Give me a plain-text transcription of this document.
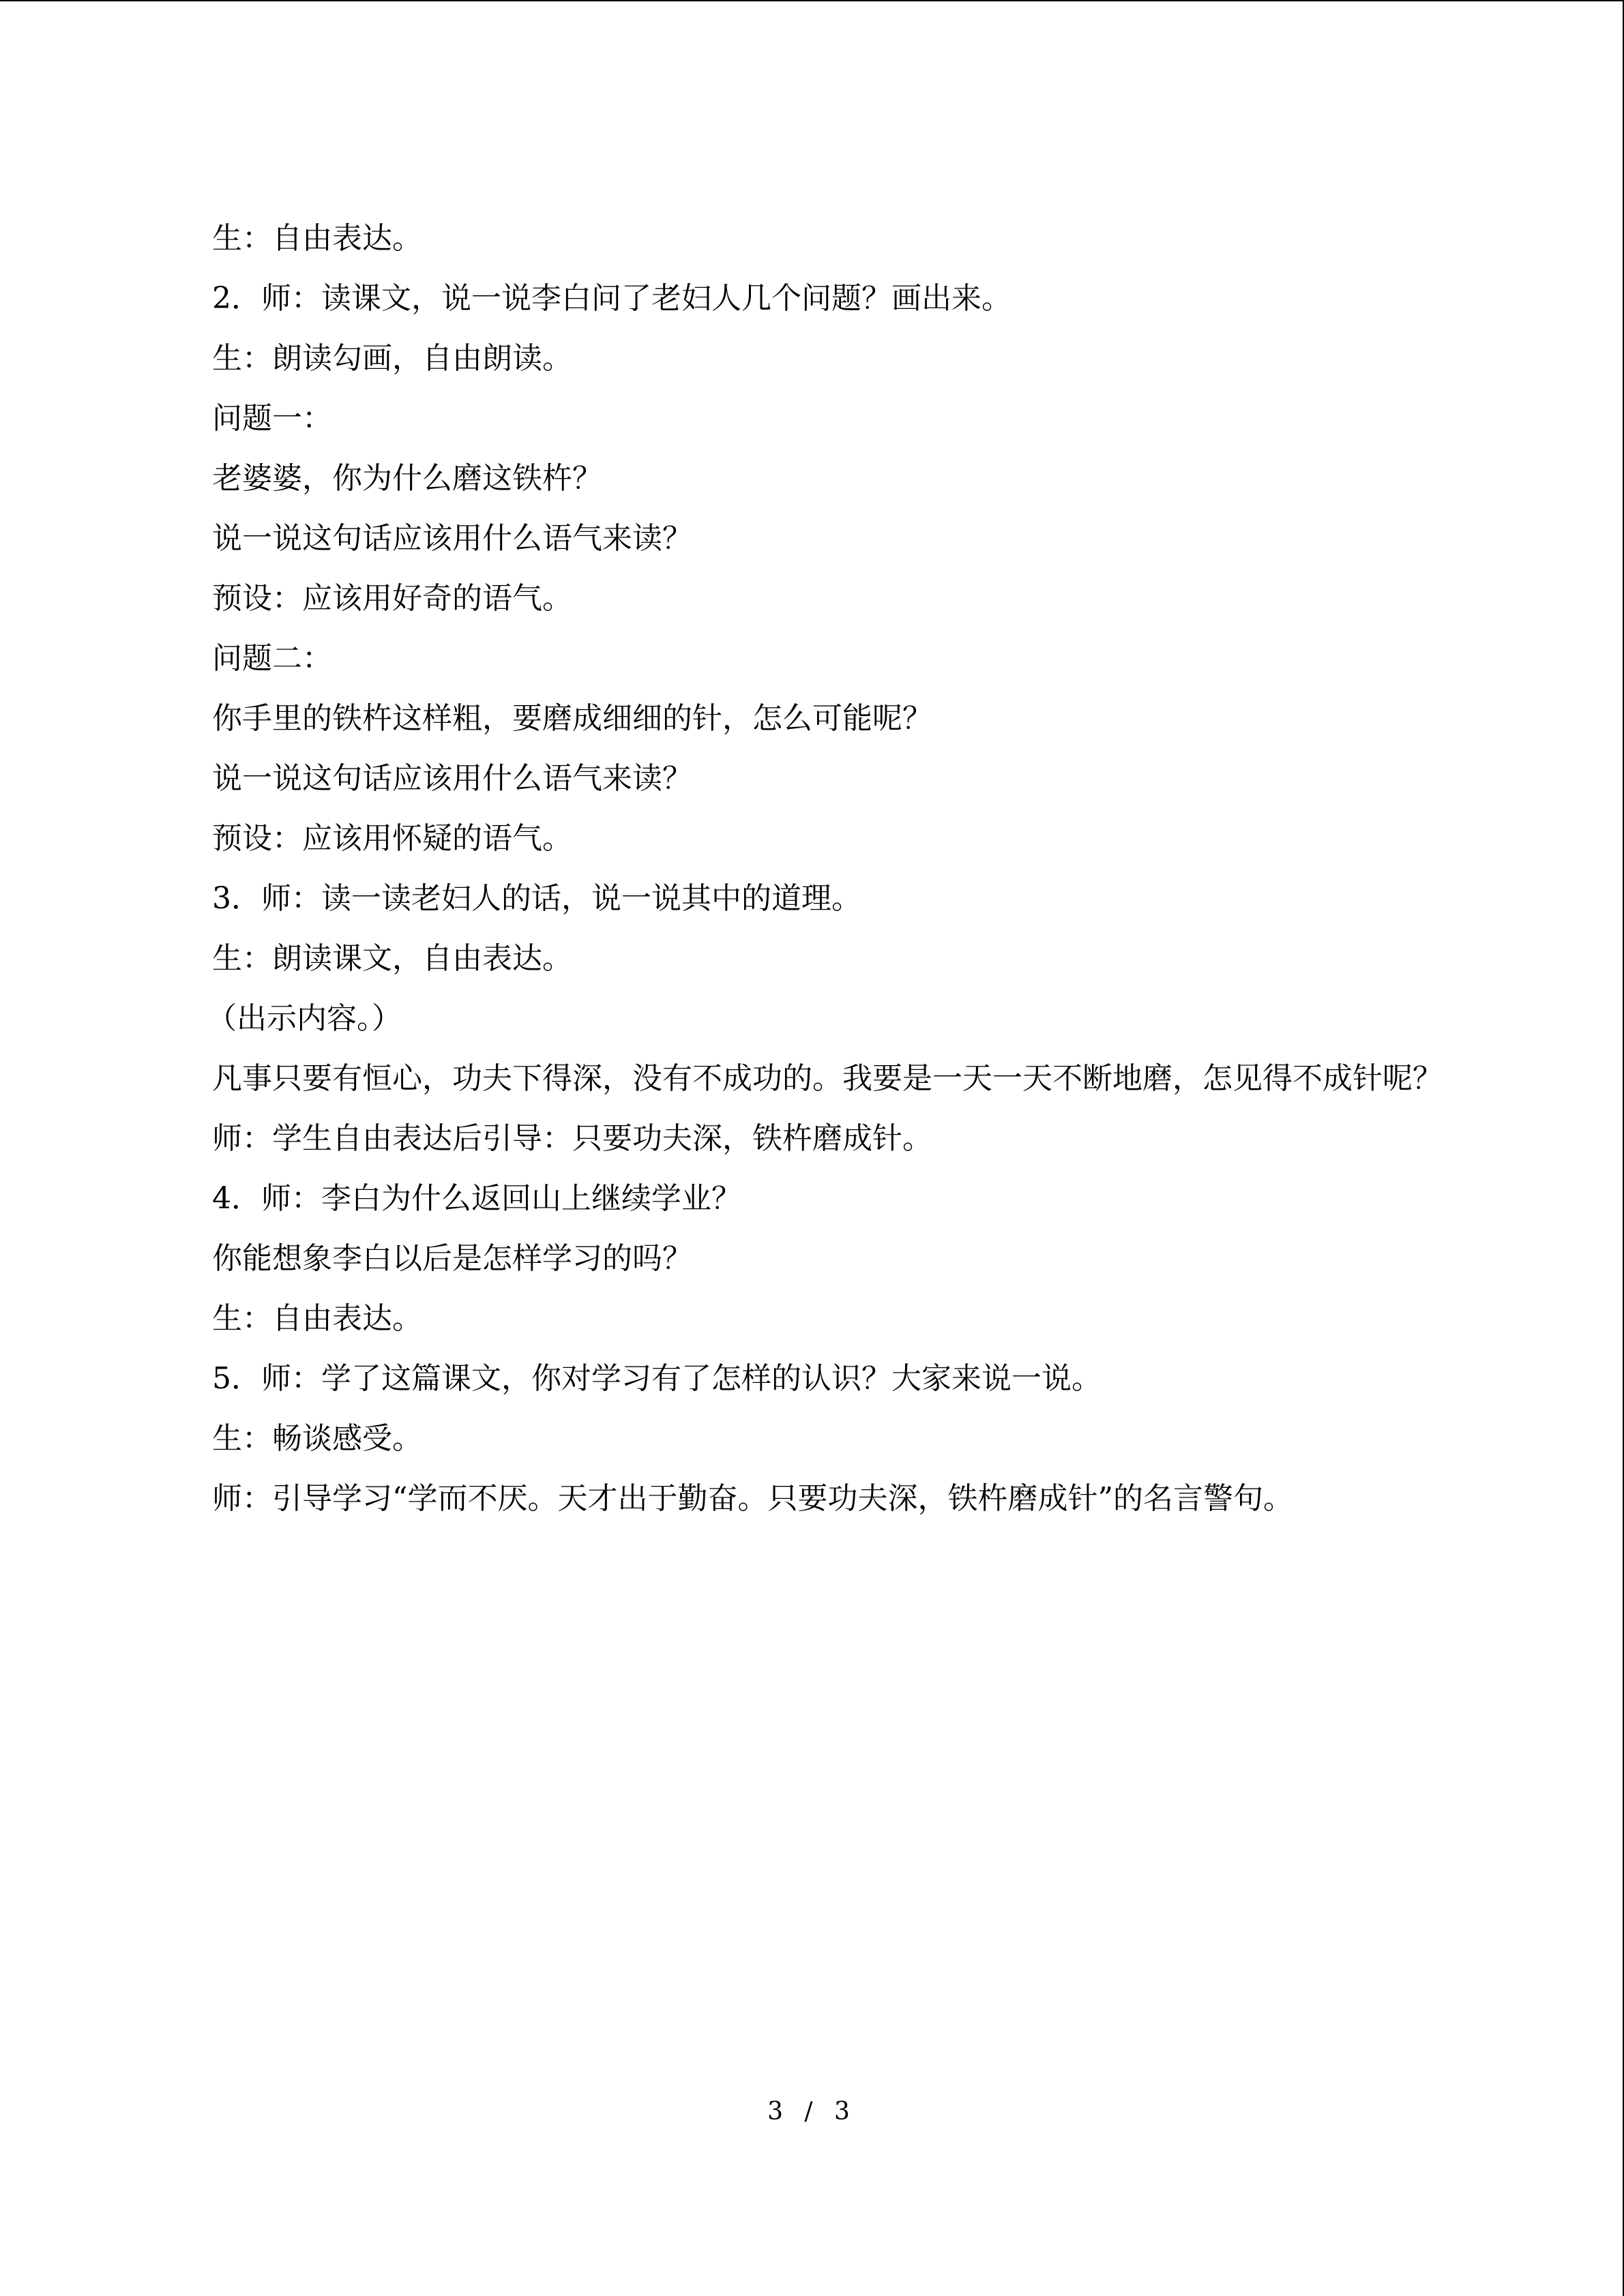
生：自由表达。

2．师：读课文，说一说李白问了老妇人几个问题？画出来。

生：朗读勾画，自由朗读。

问题一：

老婆婆，你为什么磨这铁杵？

说一说这句话应该用什么语气来读？

预设：应该用好奇的语气。

问题二：

你手里的铁杵这样粗，要磨成细细的针，怎么可能呢？

说一说这句话应该用什么语气来读？

预设：应该用怀疑的语气。

3．师：读一读老妇人的话，说一说其中的道理。

生：朗读课文，自由表达。

（出示内容。）

凡事只要有恒心，功夫下得深，没有不成功的。我要是一天一天不断地磨，怎见得不成针呢？

师：学生自由表达后引导：只要功夫深，铁杵磨成针。

4．师：李白为什么返回山上继续学业？

你能想象李白以后是怎样学习的吗？

生：自由表达。

5．师：学了这篇课文，你对学习有了怎样的认识？大家来说一说。

生：畅谈感受。

师：引导学习“学而不厌。天才出于勤奋。只要功夫深，铁杵磨成针”的名言警句。

3 / 3
